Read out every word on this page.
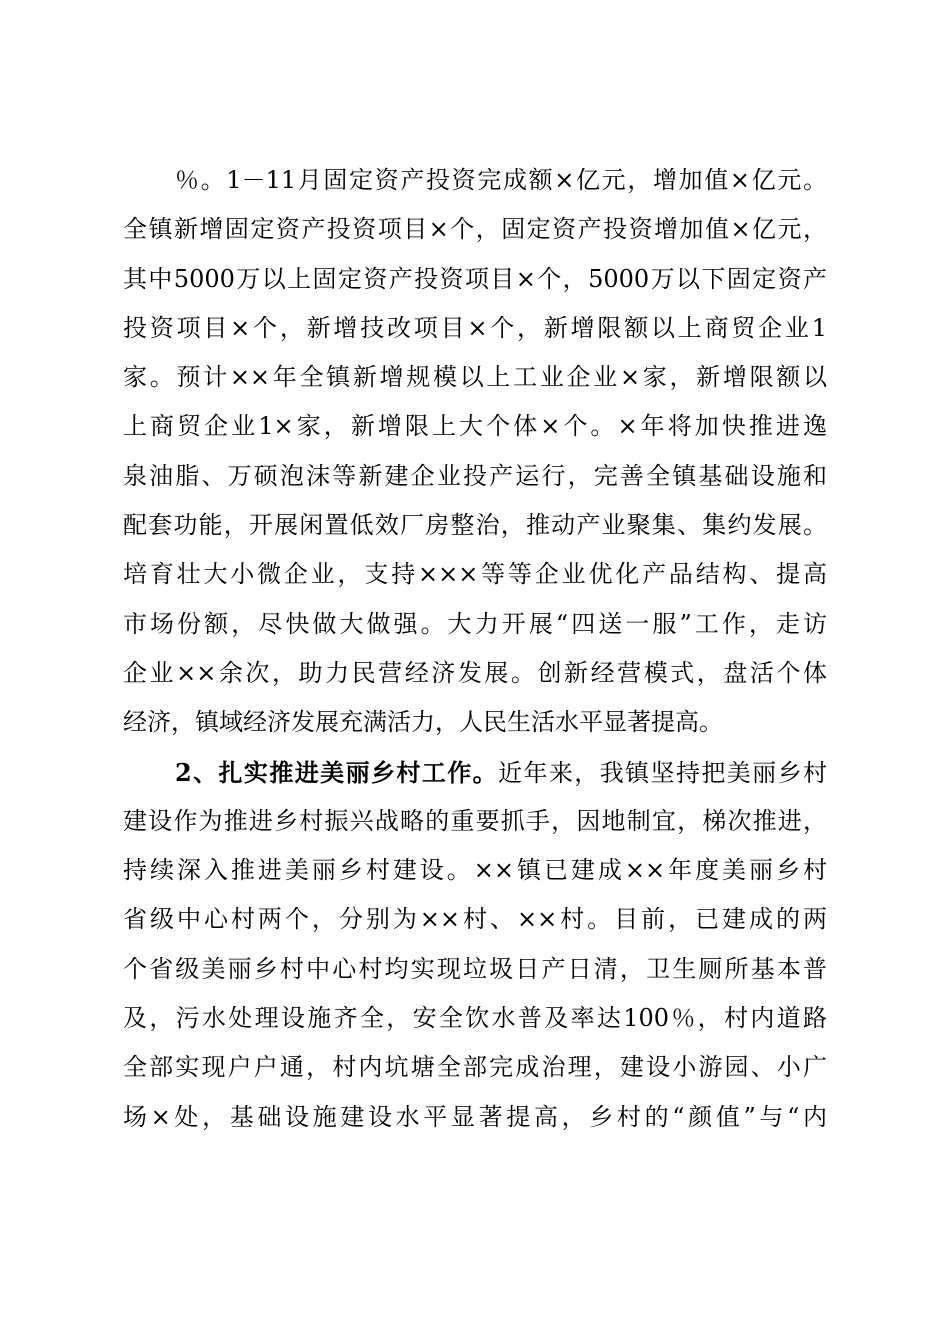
％。1－11月固定资产投资完成额×亿元，增加值×亿元。
全镇新增固定资产投资项目×个，固定资产投资增加值×亿元，
其中5000万以上固定资产投资项目×个，5000万以下固定资产
投资项目×个，新增技改项目×个，新增限额以上商贸企业1
家。预计××年全镇新增规模以上工业企业×家，新增限额以
上商贸企业1×家，新增限上大个体×个。×年将加快推进逸
泉油脂、万硕泡沫等新建企业投产运行，完善全镇基础设施和
配套功能，开展闲置低效厂房整治，推动产业聚集、集约发展。
培育壮大小微企业，支持×××等等企业优化产品结构、提高
市场份额，尽快做大做强。大力开展“四送一服”工作，走访
企业××余次，助力民营经济发展。创新经营模式，盘活个体
经济，镇域经济发展充满活力，人民生活水平显著提高。
2、扎实推进美丽乡村工作。近年来，我镇坚持把美丽乡村
建设作为推进乡村振兴战略的重要抓手，因地制宜，梯次推进，
持续深入推进美丽乡村建设。××镇已建成××年度美丽乡村
省级中心村两个，分别为××村、××村。目前，已建成的两
个省级美丽乡村中心村均实现垃圾日产日清，卫生厕所基本普
及，污水处理设施齐全，安全饮水普及率达100％，村内道路
全部实现户户通，村内坑塘全部完成治理，建设小游园、小广
场×处，基础设施建设水平显著提高，乡村的“颜值”与“内
